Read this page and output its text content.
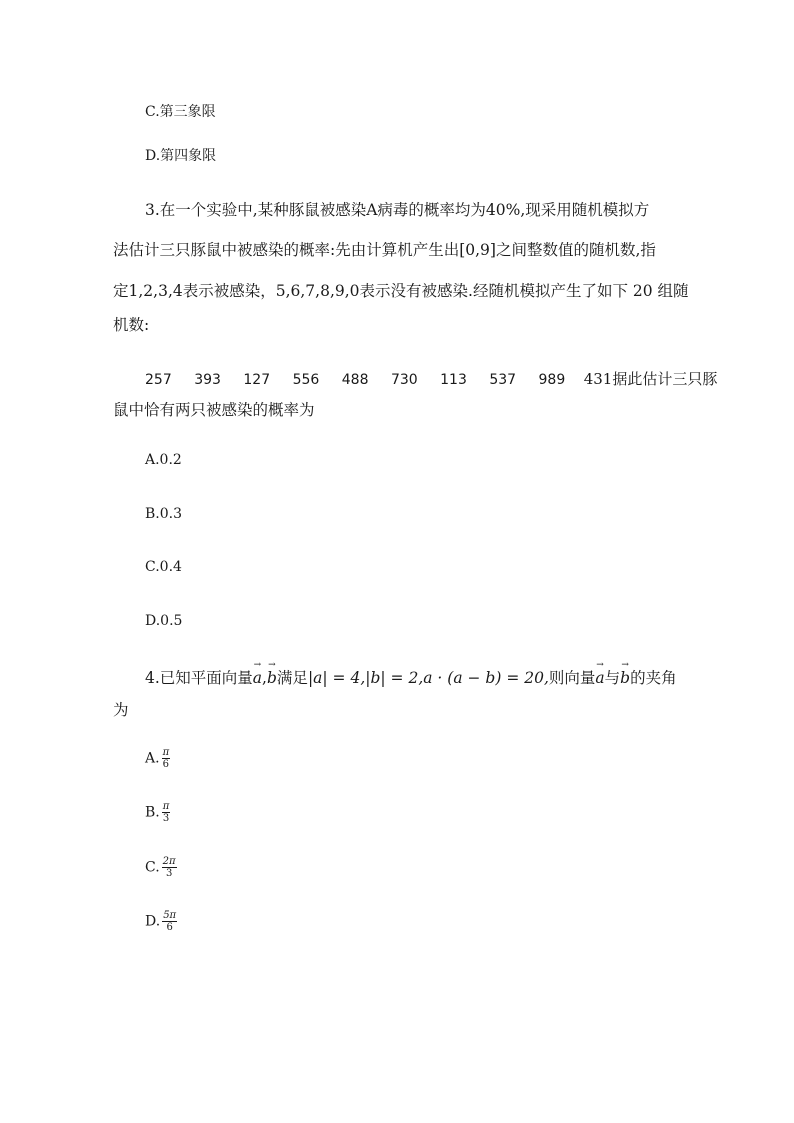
C.第三象限
D.第四象限
3.在一个实验中,某种豚鼠被感染A病毒的概率均为40%,现采用随机模拟方
法估计三只豚鼠中被感染的概率:先由计算机产生出[0,9]之间整数值的随机数,指
定1,2,3,4表示被感染，5,6,7,8,9,0表示没有被感染.经随机模拟产生了如下 20 组随
机数:
257 393 127 556 488 730 113 537 989 431据此估计三只豚
鼠中恰有两只被感染的概率为
A.0.2
B.0.3
C.0.4
D.0.5
4.已知平面向量→ a,→ b满足|a| = 4,|b| = 2,a · (a − b) = 20,则向量→ a与→ b的夹角
为
A. $\frac{\pi}{6}$
B. $\frac{\pi}{3}$
C. $\frac{2\pi}{3}$
D. $\frac{5\pi}{6}$
